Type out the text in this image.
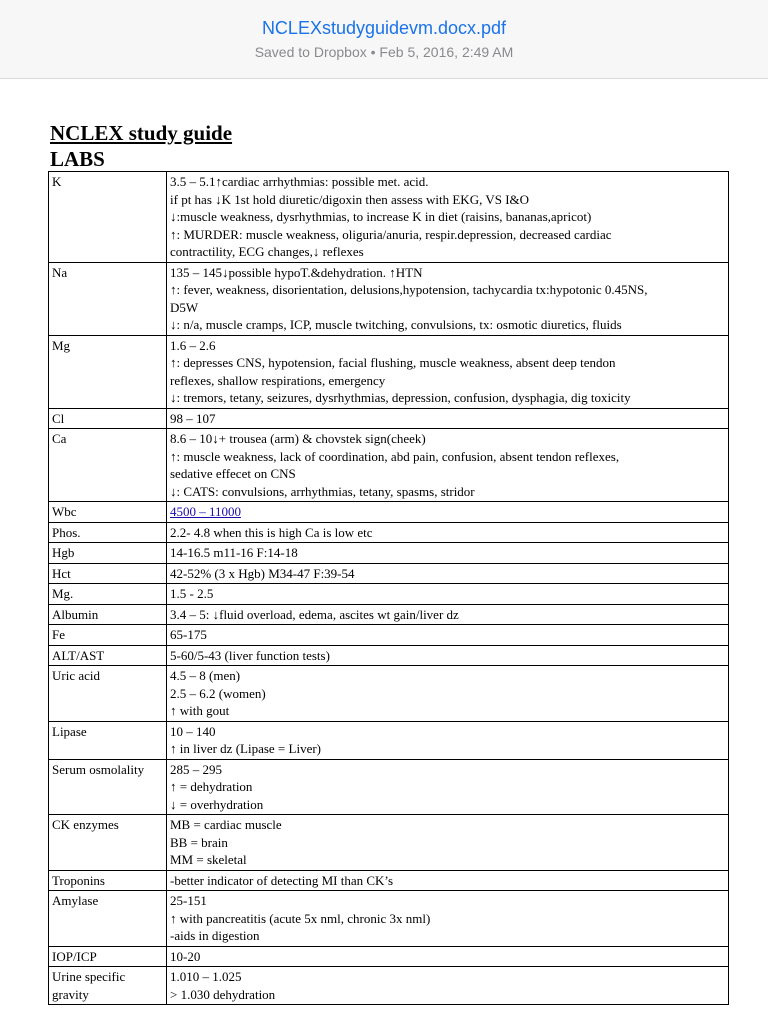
NCLEXstudyguidevm.docx.pdf
Saved to Dropbox • Feb 5, 2016, 2:49 AM
NCLEX study guide
LABS
K	3.5 – 5.1↑cardiac arrhythmias: possible met. acid.
if pt has ↓K 1st hold diuretic/digoxin then assess with EKG, VS I&O
↓:muscle weakness, dysrhythmias, to increase K in diet (raisins, bananas,apricot)
↑: MURDER: muscle weakness, oliguria/anuria, respir.depression, decreased cardiac
contractility, ECG changes,↓ reflexes

Na	135 – 145↓possible hypoT.&dehydration. ↑HTN
↑: fever, weakness, disorientation, delusions,hypotension, tachycardia tx:hypotonic 0.45NS,
D5W
↓: n/a, muscle cramps, ICP, muscle twitching, convulsions, tx: osmotic diuretics, fluids

Mg	1.6 – 2.6
↑: depresses CNS, hypotension, facial flushing, muscle weakness, absent deep tendon
reflexes, shallow respirations, emergency
↓: tremors, tetany, seizures, dysrhythmias, depression, confusion, dysphagia, dig toxicity

Cl	98 – 107

Ca	8.6 – 10↓+ trousea (arm) & chovstek sign(cheek)
↑: muscle weakness, lack of coordination, abd pain, confusion, absent tendon reflexes,
sedative effecet on CNS
↓: CATS: convulsions, arrhythmias, tetany, spasms, stridor

Wbc	4500 – 11000
Phos.	2.2- 4.8 when this is high Ca is low etc

Hgb	14-16.5 m11-16 F:14-18

Hct	42-52% (3 x Hgb) M34-47 F:39-54

Mg.	1.5 - 2.5

Albumin	3.4 – 5: ↓fluid overload, edema, ascites wt gain/liver dz

Fe	65-175

ALT/AST	5-60/5-43 (liver function tests)

Uric acid	4.5 – 8 (men)
2.5 – 6.2 (women)
↑ with gout

Lipase	10 – 140
↑ in liver dz (Lipase = Liver)

Serum osmolality	285 – 295
↑ = dehydration
↓ = overhydration

CK enzymes	MB = cardiac muscle
BB = brain
MM = skeletal

Troponins	-better indicator of detecting MI than CK’s

Amylase	25-151
↑ with pancreatitis (acute 5x nml, chronic 3x nml)
-aids in digestion

IOP/ICP	10-20

Urine specific gravity	1.010 – 1.025
> 1.030 dehydration
